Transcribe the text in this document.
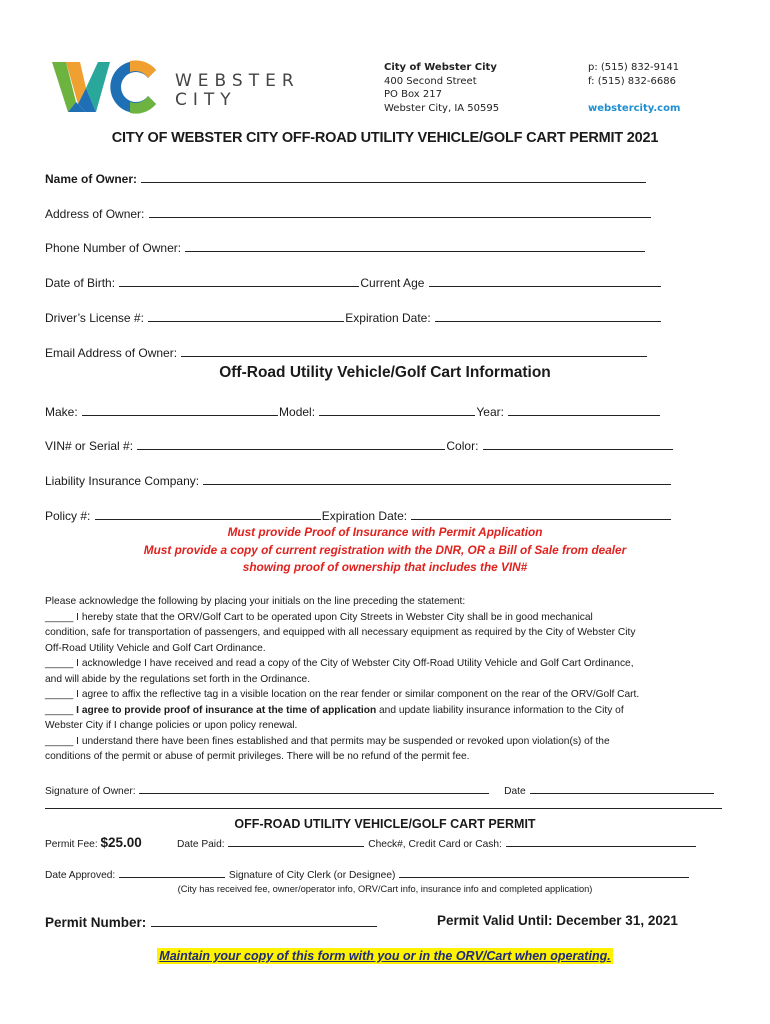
WEBSTER
CITY
City of Webster City
400 Second Street
PO Box 217
Webster City, IA 50595
p: (515) 832-9141
f: (515) 832-6686
webstercity.com
CITY OF WEBSTER CITY OFF-ROAD UTILITY VEHICLE/GOLF CART PERMIT 2021
Name of Owner:
Address of Owner:
Phone Number of Owner:
Date of Birth:	Current Age
Driver’s License #:	Expiration Date:
Email Address of Owner:
Off-Road Utility Vehicle/Golf Cart Information
Make:	Model:	Year:
VIN# or Serial #:	Color:
Liability Insurance Company:
Policy #:	Expiration Date:
Must provide Proof of Insurance with Permit Application
Must provide a copy of current registration with the DNR, OR a Bill of Sale from dealer
showing proof of ownership that includes the VIN#
Please acknowledge the following by placing your initials on the line preceding the statement:
_____ I hereby state that the ORV/Golf Cart to be operated upon City Streets in Webster City shall be in good mechanical
condition, safe for transportation of passengers, and equipped with all necessary equipment as required by the City of Webster City
Off-Road Utility Vehicle and Golf Cart Ordinance.
_____ I acknowledge I have received and read a copy of the City of Webster City Off-Road Utility Vehicle and Golf Cart Ordinance,
and will abide by the regulations set forth in the Ordinance.
_____ I agree to affix the reflective tag in a visible location on the rear fender or similar component on the rear of the ORV/Golf Cart.
_____ I agree to provide proof of insurance at the time of application and update liability insurance information to the City of
Webster City if I change policies or upon policy renewal.
_____ I understand there have been fines established and that permits may be suspended or revoked upon violation(s) of the
conditions of the permit or abuse of permit privileges. There will be no refund of the permit fee.
Signature of Owner:	Date
OFF-ROAD UTILITY VEHICLE/GOLF CART PERMIT
Permit Fee: $25.00	Date Paid:	Check#, Credit Card or Cash:
Date Approved:	Signature of City Clerk (or Designee)
(City has received fee, owner/operator info, ORV/Cart info, insurance info and completed application)
Permit Number:	Permit Valid Until: December 31, 2021
Maintain your copy of this form with you or in the ORV/Cart when operating.
